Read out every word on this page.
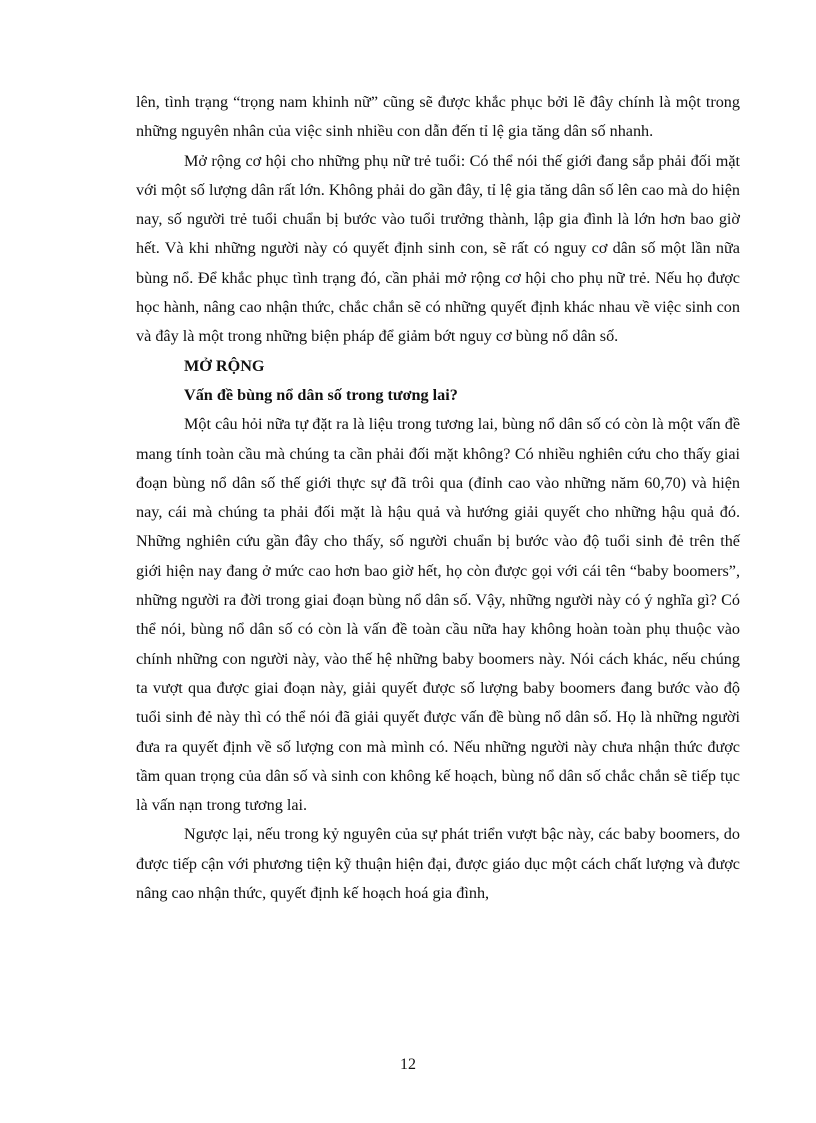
lên, tình trạng “trọng nam khinh nữ” cũng sẽ được khắc phục bởi lẽ đây chính là một trong những nguyên nhân của việc sinh nhiều con dẫn đến tỉ lệ gia tăng dân số nhanh.

Mở rộng cơ hội cho những phụ nữ trẻ tuổi: Có thể nói thế giới đang sắp phải đối mặt với một số lượng dân rất lớn. Không phải do gần đây, tỉ lệ gia tăng dân số lên cao mà do hiện nay, số người trẻ tuổi chuẩn bị bước vào tuổi trưởng thành, lập gia đình là lớn hơn bao giờ hết. Và khi những người này có quyết định sinh con, sẽ rất có nguy cơ dân số một lần nữa bùng nổ. Để khắc phục tình trạng đó, cần phải mở rộng cơ hội cho phụ nữ trẻ. Nếu họ được học hành, nâng cao nhận thức, chắc chắn sẽ có những quyết định khác nhau về việc sinh con và đây là một trong những biện pháp để giảm bớt nguy cơ bùng nổ dân số.

MỞ RỘNG

Vấn đề bùng nổ dân số trong tương lai?

Một câu hỏi nữa tự đặt ra là liệu trong tương lai, bùng nổ dân số có còn là một vấn đề mang tính toàn cầu mà chúng ta cần phải đối mặt không? Có nhiều nghiên cứu cho thấy giai đoạn bùng nổ dân số thế giới thực sự đã trôi qua (đỉnh cao vào những năm 60,70) và hiện nay, cái mà chúng ta phải đối mặt là hậu quả và hướng giải quyết cho những hậu quả đó. Những nghiên cứu gần đây cho thấy, số người chuẩn bị bước vào độ tuổi sinh đẻ trên thế giới hiện nay đang ở mức cao hơn bao giờ hết, họ còn được gọi với cái tên “baby boomers”, những người ra đời trong giai đoạn bùng nổ dân số. Vậy, những người này có ý nghĩa gì? Có thể nói, bùng nổ dân số có còn là vấn đề toàn cầu nữa hay không hoàn toàn phụ thuộc vào chính những con người này, vào thế hệ những baby boomers này. Nói cách khác, nếu chúng ta vượt qua được giai đoạn này, giải quyết được số lượng baby boomers đang bước vào độ tuổi sinh đẻ này thì có thể nói đã giải quyết được vấn đề bùng nổ dân số. Họ là những người đưa ra quyết định về số lượng con mà mình có. Nếu những người này chưa nhận thức được tầm quan trọng của dân số và sinh con không kế hoạch, bùng nổ dân số chắc chắn sẽ tiếp tục là vấn nạn trong tương lai.

Ngược lại, nếu trong kỷ nguyên của sự phát triển vượt bậc này, các baby boomers, do được tiếp cận với phương tiện kỹ thuận hiện đại, được giáo dục một cách chất lượng và được nâng cao nhận thức, quyết định kế hoạch hoá gia đình,

12
